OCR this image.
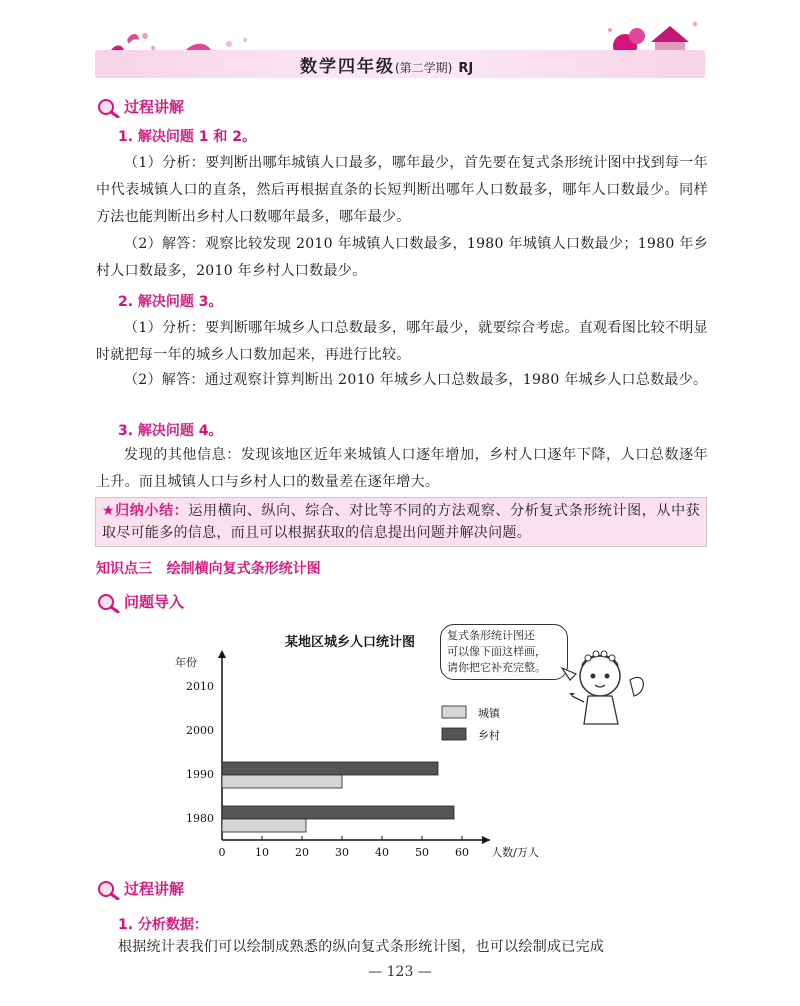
数学四年级(第二学期) RJ
过程讲解
1. 解决问题 1 和 2。
（1）分析：要判断出哪年城镇人口最多，哪年最少，首先要在复式条形统计图中找到每一年中代表城镇人口的直条，然后再根据直条的长短判断出哪年人口数最多，哪年人口数最少。同样方法也能判断出乡村人口数哪年最多，哪年最少。
（2）解答：观察比较发现 2010 年城镇人口数最多，1980 年城镇人口数最少；1980 年乡村人口数最多，2010 年乡村人口数最少。
2. 解决问题 3。
（1）分析：要判断哪年城乡人口总数最多，哪年最少，就要综合考虑。直观看图比较不明显时就把每一年的城乡人口数加起来，再进行比较。
（2）解答：通过观察计算判断出 2010 年城乡人口总数最多，1980 年城乡人口总数最少。
3. 解决问题 4。
发现的其他信息：发现该地区近年来城镇人口逐年增加，乡村人口逐年下降，人口总数逐年上升。而且城镇人口与乡村人口的数量差在逐年增大。
★归纳小结：运用横向、纵向、综合、对比等不同的方法观察、分析复式条形统计图，从中获取尽可能多的信息，而且可以根据获取的信息提出问题并解决问题。
知识点三 绘制横向复式条形统计图
问题导入
某地区城乡人口统计图
年份
人数/万人
0	10 20 30 40 50 60
1980
1990
2000
2010
城镇
乡村
复式条形统计图还
可以像下面这样画，
请你把它补充完整。
过程讲解
1. 分析数据：
根据统计表我们可以绘制成熟悉的纵向复式条形统计图，也可以绘制成已完成
— 123 —
